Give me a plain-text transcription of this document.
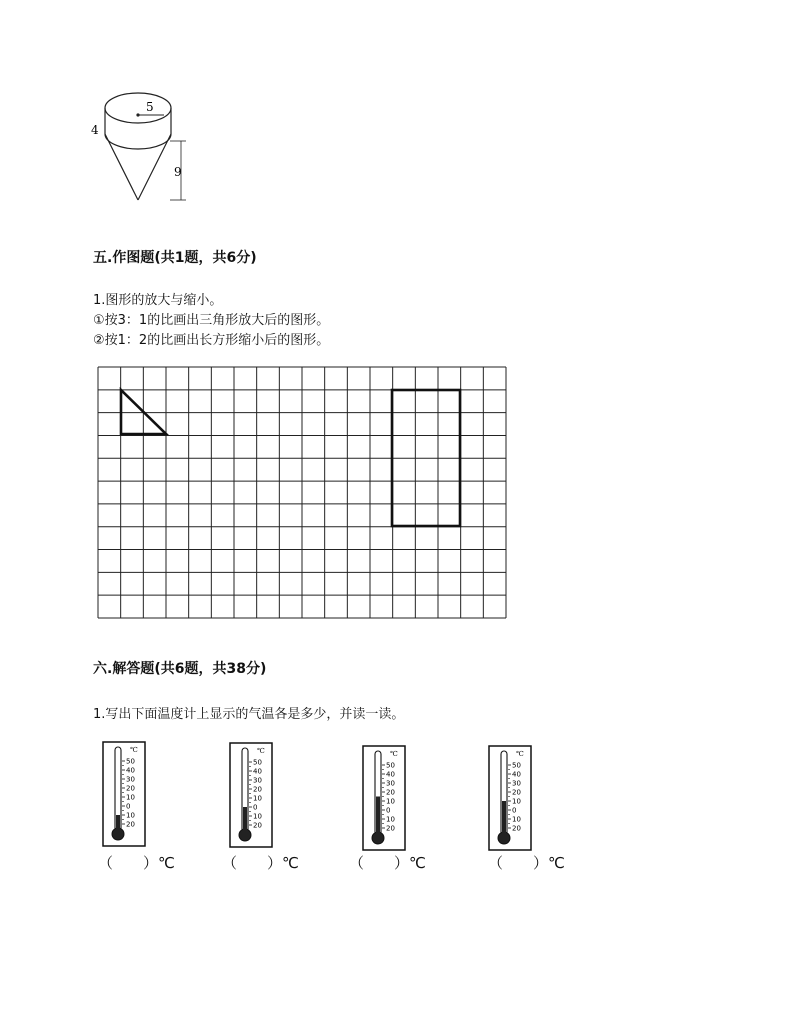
5
4
9
五.作图题(共1题，共6分)
1.图形的放大与缩小。
①按3：1的比画出三角形放大后的图形。
②按1：2的比画出长方形缩小后的图形。
六.解答题(共6题，共38分)
1.写出下面温度计上显示的气温各是多少，并读一读。
℃
50
40
30
20
10
0
10
20
（　　）℃
℃
50
40
30
20
10
0
10
20
（　　）℃
℃
50
40
30
20
10
0
10
20
（　　）℃
℃
50
40
30
20
10
0
10
20
（　　）℃
